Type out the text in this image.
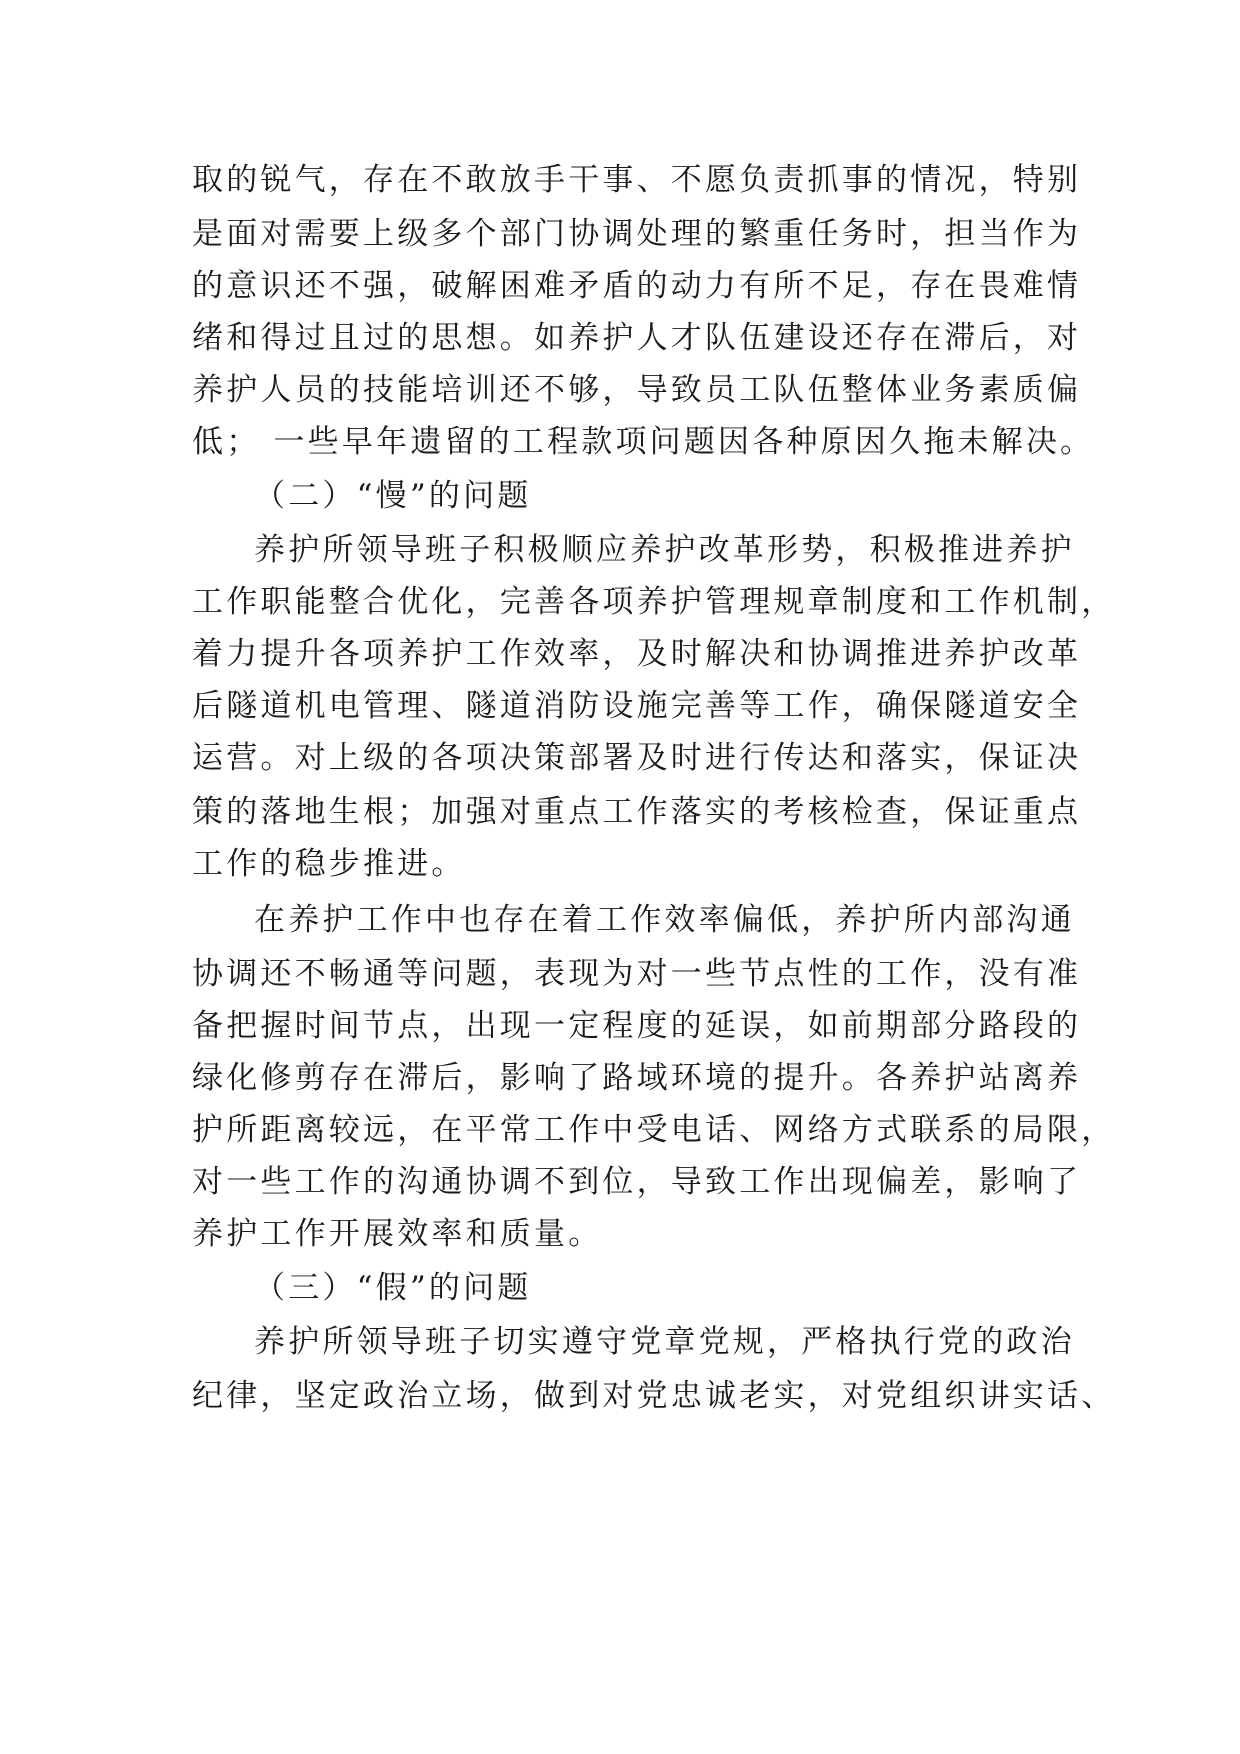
取的锐气，存在不敢放手干事、不愿负责抓事的情况，特别
是面对需要上级多个部门协调处理的繁重任务时，担当作为
的意识还不强，破解困难矛盾的动力有所不足，存在畏难情
绪和得过且过的思想。如养护人才队伍建设还存在滞后，对
养护人员的技能培训还不够，导致员工队伍整体业务素质偏
低； 一些早年遗留的工程款项问题因各种原因久拖未解决。
（二）“慢”的问题
养护所领导班子积极顺应养护改革形势，积极推进养护
工作职能整合优化，完善各项养护管理规章制度和工作机制，
着力提升各项养护工作效率，及时解决和协调推进养护改革
后隧道机电管理、隧道消防设施完善等工作，确保隧道安全
运营。对上级的各项决策部署及时进行传达和落实，保证决
策的落地生根；加强对重点工作落实的考核检查，保证重点
工作的稳步推进。
在养护工作中也存在着工作效率偏低，养护所内部沟通
协调还不畅通等问题，表现为对一些节点性的工作，没有准
备把握时间节点，出现一定程度的延误，如前期部分路段的
绿化修剪存在滞后，影响了路域环境的提升。各养护站离养
护所距离较远，在平常工作中受电话、网络方式联系的局限，
对一些工作的沟通协调不到位，导致工作出现偏差，影响了
养护工作开展效率和质量。
（三）“假”的问题
养护所领导班子切实遵守党章党规，严格执行党的政治
纪律，坚定政治立场，做到对党忠诚老实，对党组织讲实话、
